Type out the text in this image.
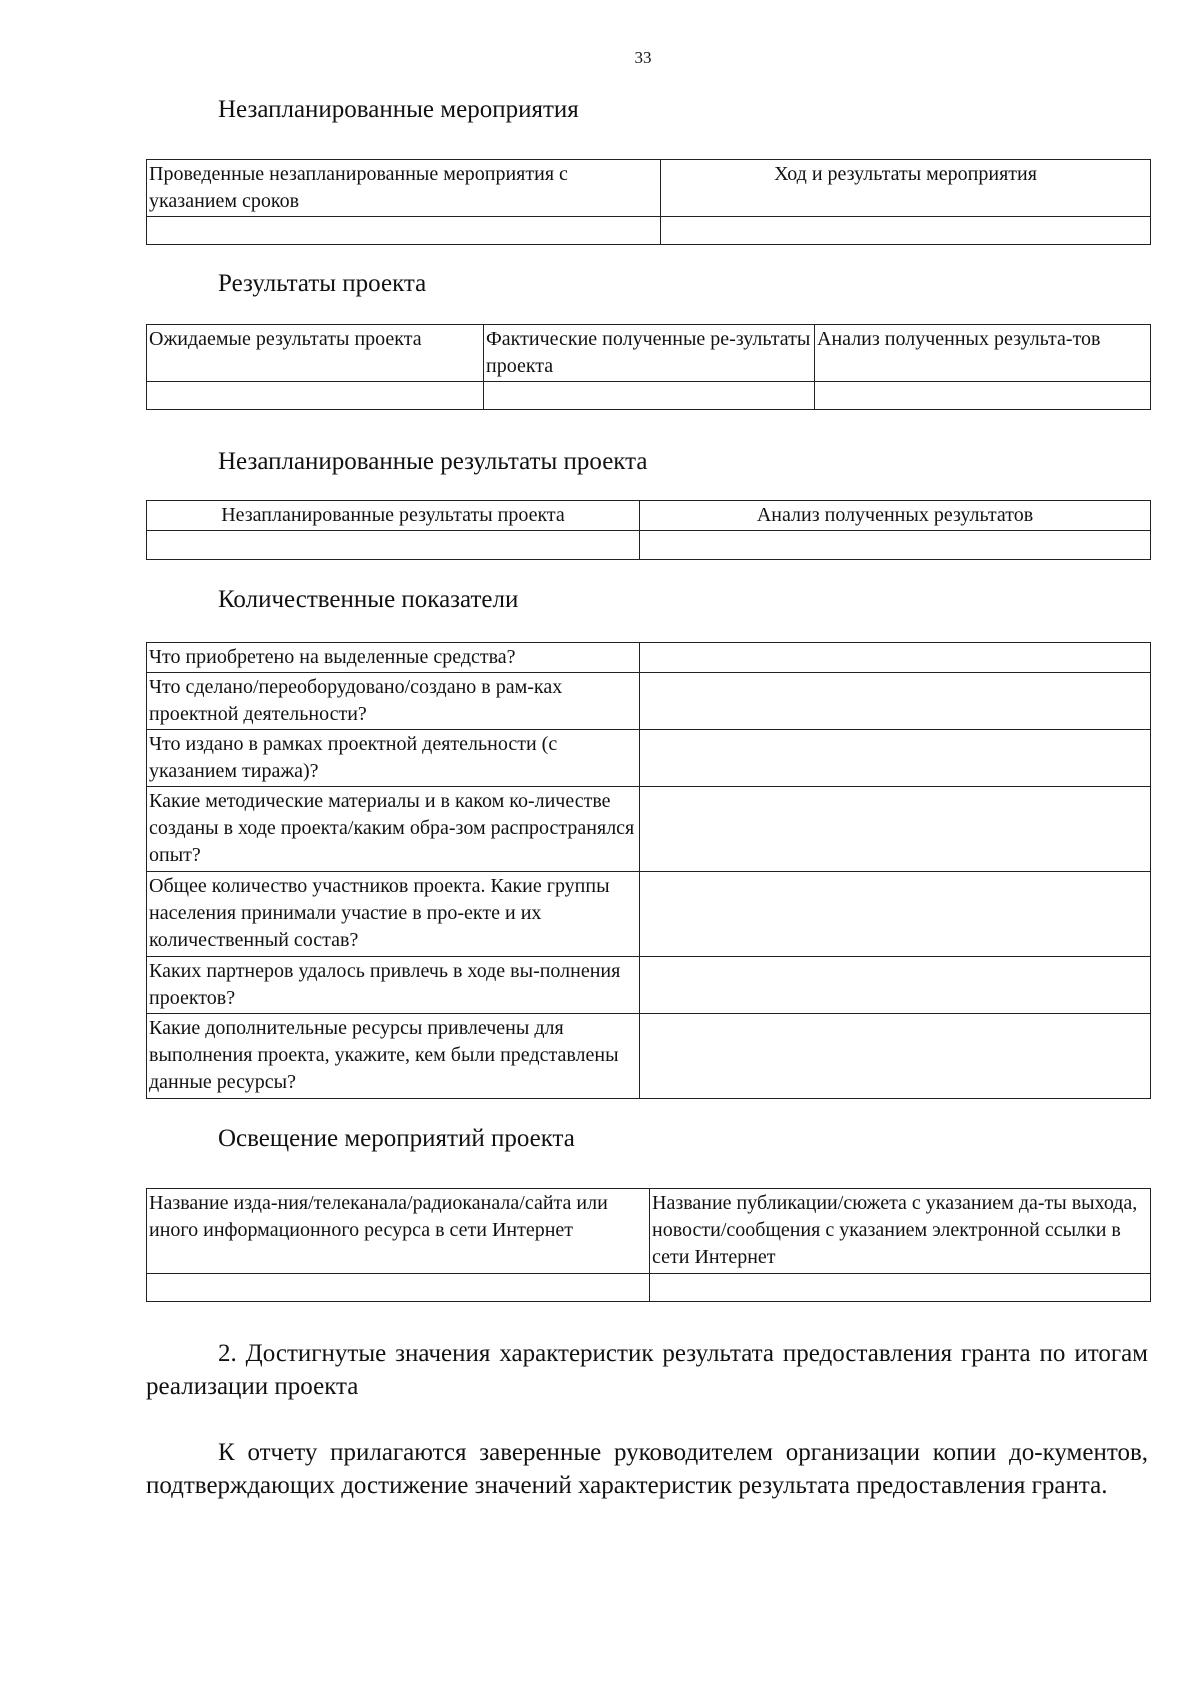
33
Незапланированные мероприятия
Проведенные незапланированные мероприятия с указанием сроков	Ход и результаты мероприятия

Результаты проекта
Ожидаемые результаты проекта	Фактические полученные ре-зультаты проекта	Анализ полученных результа-тов

Незапланированные результаты проекта
Незапланированные результаты проекта	Анализ полученных результатов

Количественные показатели
Что приобретено на выделенные средства?	
Что сделано/переоборудовано/создано в рам-ках проектной деятельности?	
Что издано в рамках проектной деятельности (с указанием тиража)?	
Какие методические материалы и в каком ко-личестве созданы в ходе проекта/каким обра-зом распространялся опыт?	
Общее количество участников проекта. Какие группы населения принимали участие в про-екте и их количественный состав?	
Каких партнеров удалось привлечь в ходе вы-полнения проектов?	
Какие дополнительные ресурсы привлечены для выполнения проекта, укажите, кем были представлены данные ресурсы?	
Освещение мероприятий проекта
Название изда-ния/телеканала/радиоканала/сайта или иного информационного ресурса в сети Интернет	Название публикации/сюжета с указанием да-ты выхода, новости/сообщения с указанием электронной ссылки в сети Интернет

2. Достигнутые значения характеристик результата предоставления гранта по итогам реализации проекта
К отчету прилагаются заверенные руководителем организации копии до-кументов, подтверждающих достижение значений характеристик результата предоставления гранта.
